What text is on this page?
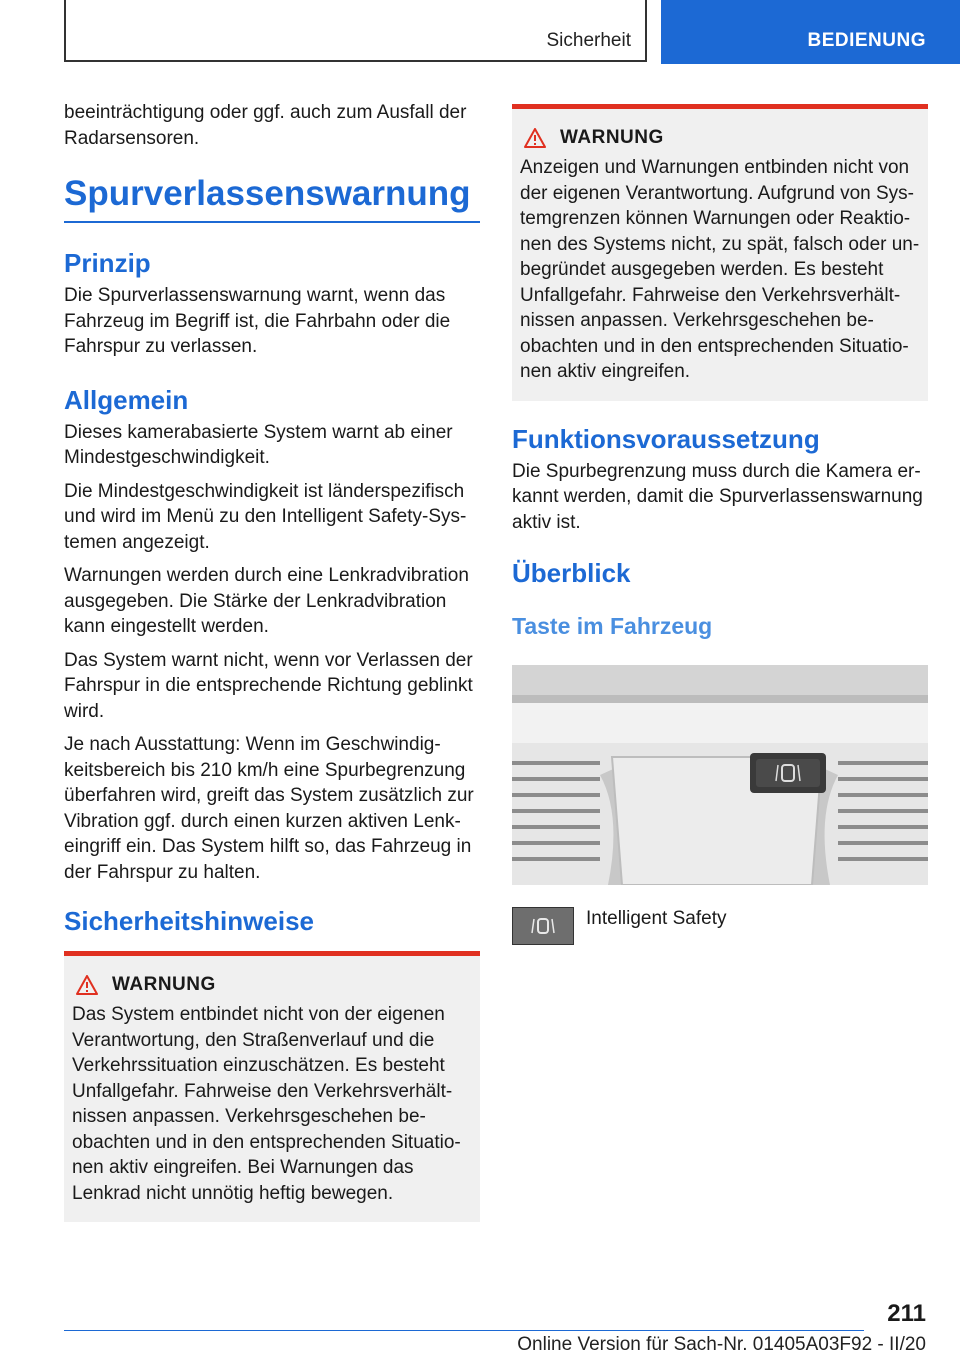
Sicherheit	BEDIENUNG

beeinträchtigung oder ggf. auch zum Ausfall der Radarsensoren.

Spurverlassenswarnung
Prinzip

Die Spurverlassenswarnung warnt, wenn das Fahrzeug im Begriff ist, die Fahrbahn oder die Fahrspur zu verlassen.

Allgemein

Dieses kamerabasierte System warnt ab einer Mindestgeschwindigkeit.

Die Mindestgeschwindigkeit ist länderspezifisch und wird im Menü zu den Intelligent Safety-Systemen angezeigt.

Warnungen werden durch eine Lenkradvibration ausgegeben. Die Stärke der Lenkradvibration kann eingestellt werden.

Das System warnt nicht, wenn vor Verlassen der Fahrspur in die entsprechende Richtung geblinkt wird.

Je nach Ausstattung: Wenn im Geschwindigkeitsbereich bis 210 km/h eine Spurbegrenzung überfahren wird, greift das System zusätzlich zur Vibration ggf. durch einen kurzen aktiven Lenkeingriff ein. Das System hilft so, das Fahrzeug in der Fahrspur zu halten.

Sicherheitshinweise
WARNUNG

Das System entbindet nicht von der eigenen Verantwortung, den Straßenverlauf und die Verkehrssituation einzuschätzen. Es besteht Unfallgefahr. Fahrweise den Verkehrsverhältnissen anpassen. Verkehrsgeschehen beobachten und in den entsprechenden Situationen aktiv eingreifen. Bei Warnungen das Lenkrad nicht unnötig heftig bewegen.

WARNUNG

Anzeigen und Warnungen entbinden nicht von der eigenen Verantwortung. Aufgrund von Systemgrenzen können Warnungen oder Reaktionen des Systems nicht, zu spät, falsch oder unbegründet ausgegeben werden. Es besteht Unfallgefahr. Fahrweise den Verkehrsverhältnissen anpassen. Verkehrsgeschehen beobachten und in den entsprechenden Situationen aktiv eingreifen.

Funktionsvoraussetzung

Die Spurbegrenzung muss durch die Kamera erkannt werden, damit die Spurverlassenswarnung aktiv ist.

Überblick
Taste im Fahrzeug
Intelligent Safety
211
Online Version für Sach-Nr. 01405A03F92 - II/20
